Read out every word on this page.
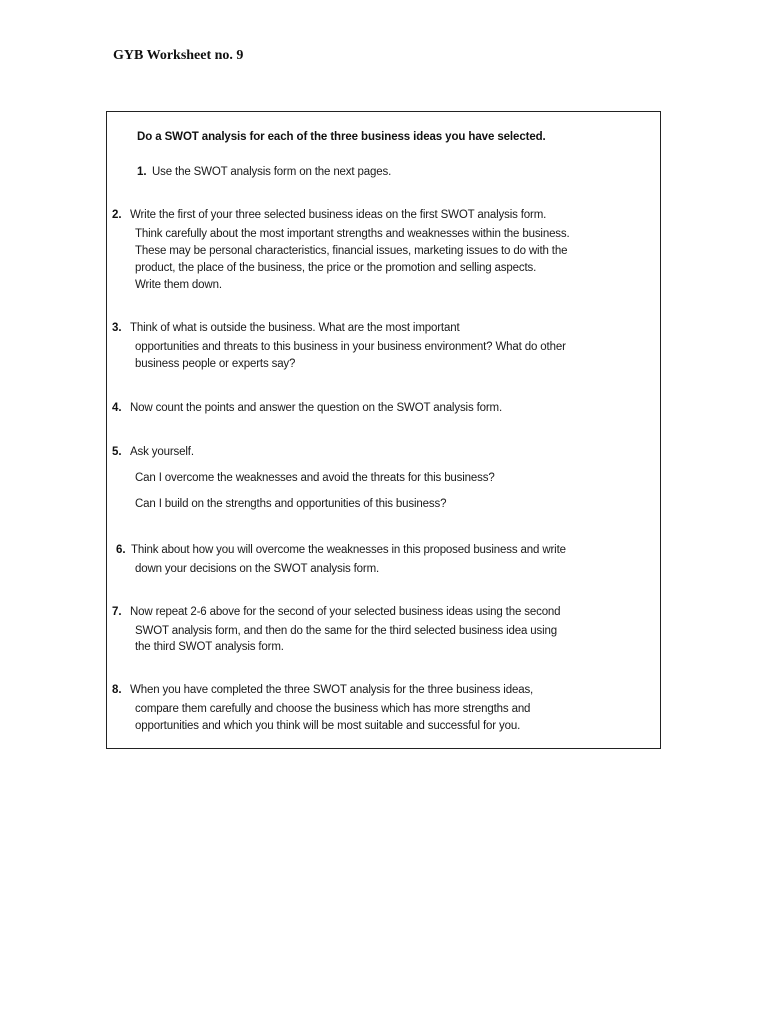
GYB Worksheet no. 9
Do a SWOT analysis for each of the three business ideas you have selected.
1. Use the SWOT analysis form on the next pages.
2. Write the first of your three selected business ideas on the first SWOT analysis form.
Think carefully about the most important strengths and weaknesses within the business.
These may be personal characteristics, financial issues, marketing issues to do with the
product, the place of the business, the price or the promotion and selling aspects.
Write them down.
3. Think of what is outside the business. What are the most important
opportunities and threats to this business in your business environment? What do other
business people or experts say?
4. Now count the points and answer the question on the SWOT analysis form.
5. Ask yourself.
Can I overcome the weaknesses and avoid the threats for this business?
Can I build on the strengths and opportunities of this business?
6. Think about how you will overcome the weaknesses in this proposed business and write
down your decisions on the SWOT analysis form.
7. Now repeat 2-6 above for the second of your selected business ideas using the second
SWOT analysis form, and then do the same for the third selected business idea using
the third SWOT analysis form.
8. When you have completed the three SWOT analysis for the three business ideas,
compare them carefully and choose the business which has more strengths and
opportunities and which you think will be most suitable and successful for you.
